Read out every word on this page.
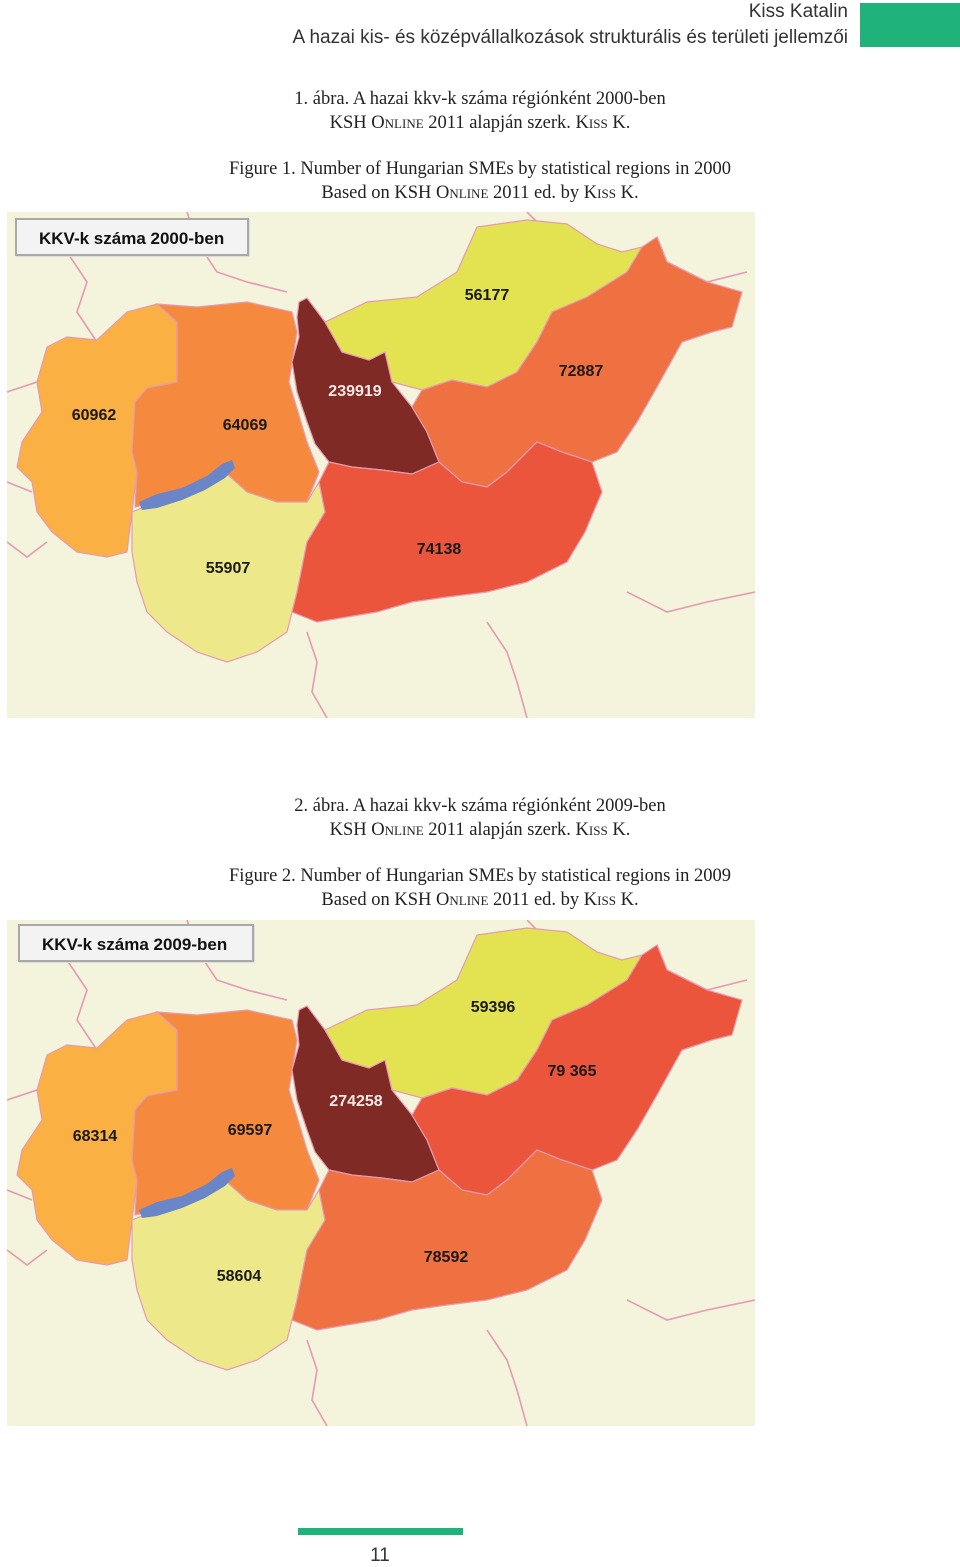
Kiss Katalin
A hazai kis- és középvállalkozások strukturális és területi jellemzői
1. ábra. A hazai kkv-k száma régiónként 2000-ben
KSH Online 2011 alapján szerk. Kiss K.
Figure 1. Number of Hungarian SMEs by statistical regions in 2000
Based on KSH Online 2011 ed. by Kiss K.
56177
72887
239919
60962
64069
74138
55907
KKV-k száma 2000-ben
2. ábra. A hazai kkv-k száma régiónként 2009-ben
KSH Online 2011 alapján szerk. Kiss K.
Figure 2. Number of Hungarian SMEs by statistical regions in 2009
Based on KSH Online 2011 ed. by Kiss K.
59396
79 365
274258
68314	69597
78592
58604
KKV-k száma 2009-ben
11
